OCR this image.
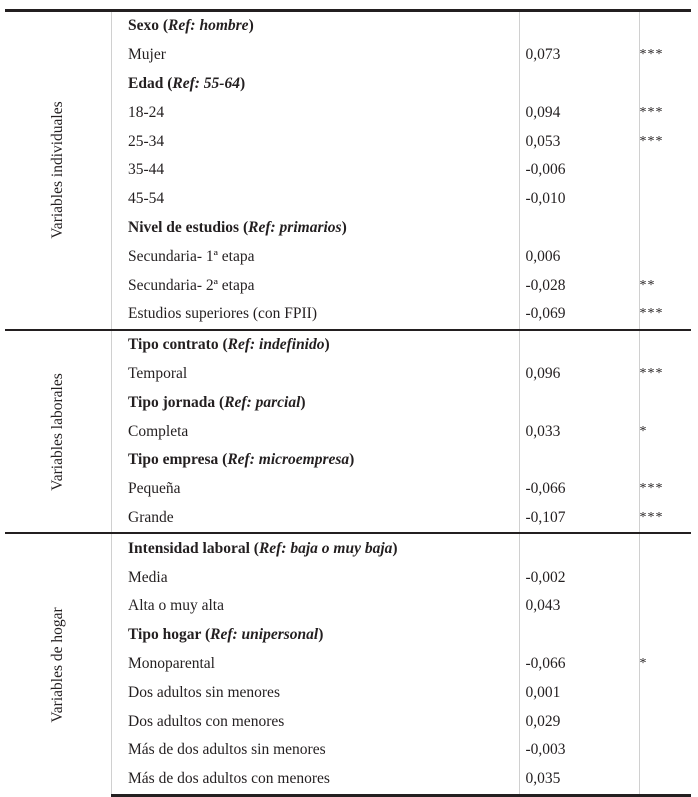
Variables individuales		Sexo (Ref: hombre)		
		Mujer	0,073	***
		Edad (Ref: 55-64)		
		18-24	0,094	***
		25-34	0,053	***
		35-44	-0,006	
		45-54	-0,010	
		Nivel de estudios (Ref: primarios)		
		Secundaria- 1ª etapa	0,006	
		Secundaria- 2ª etapa	-0,028	**
		Estudios superiores (con FPII)	-0,069	***

Variables laborales		Tipo contrato (Ref: indefinido)		
		Temporal	0,096	***
		Tipo jornada (Ref: parcial)		
		Completa	0,033	*
		Tipo empresa (Ref: microempresa)		
		Pequeña	-0,066	***
		Grande	-0,107	***

Variables de hogar		Intensidad laboral (Ref: baja o muy baja)		
		Media	-0,002	
		Alta o muy alta	0,043	
		Tipo hogar (Ref: unipersonal)		
		Monoparental	-0,066	*
		Dos adultos sin menores	0,001	
		Dos adultos con menores	0,029	
		Más de dos adultos sin menores	-0,003	
		Más de dos adultos con menores	0,035	
